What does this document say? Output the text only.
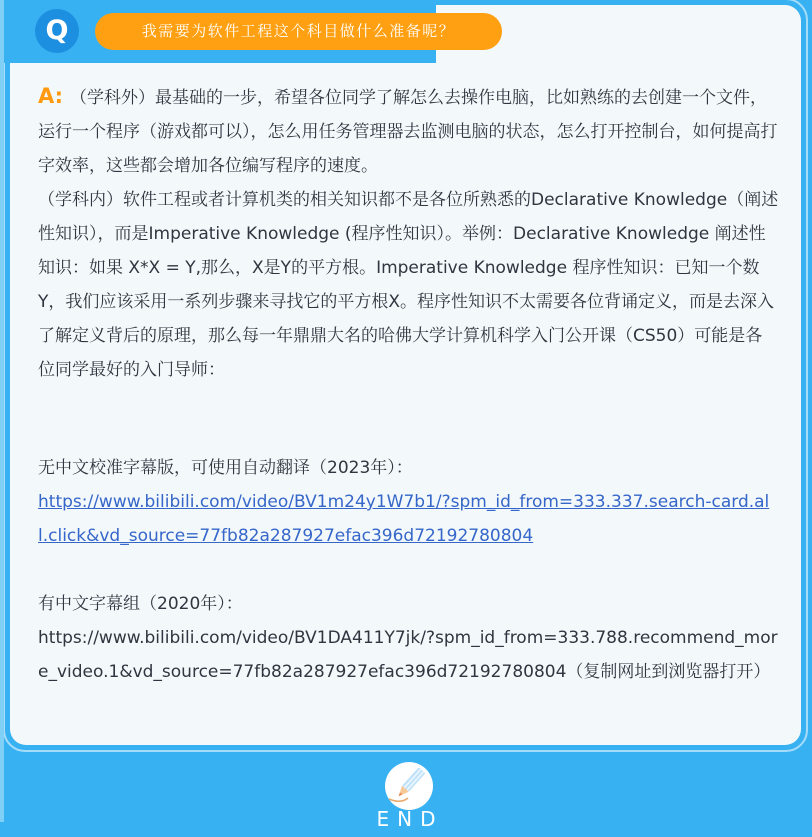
A: （学科外）最基础的一步，希望各位同学了解怎么去操作电脑，比如熟练的去创建一个文件，运行一个程序（游戏都可以），怎么用任务管理器去监测电脑的状态，怎么打开控制台，如何提高打字效率，这些都会增加各位编写程序的速度。

（学科内）软件工程或者计算机类的相关知识都不是各位所熟悉的Declarative Knowledge（阐述性知识），而是Imperative Knowledge (程序性知识）。举例：Declarative Knowledge 阐述性知识：如果 X*X = Y,那么，X是Y的平方根。Imperative Knowledge 程序性知识：已知一个数Y，我们应该采用一系列步骤来寻找它的平方根X。程序性知识不太需要各位背诵定义，而是去深入了解定义背后的原理，那么每一年鼎鼎大名的哈佛大学计算机科学入门公开课（CS50）可能是各位同学最好的入门导师：

无中文校准字幕版，可使用自动翻译（2023年）：

https://www.bilibili.com/video/BV1m24y1W7b1/?spm_id_from=333.337.search-card.all.click&vd_source=77fb82a287927efac396d72192780804

有中文字幕组（2020年）：

https://www.bilibili.com/video/BV1DA411Y7jk/?spm_id_from=333.788.recommend_more_video.1&vd_source=77fb82a287927efac396d72192780804（复制网址到浏览器打开）

Q	我需要为软件工程这个科目做什么准备呢？
END
